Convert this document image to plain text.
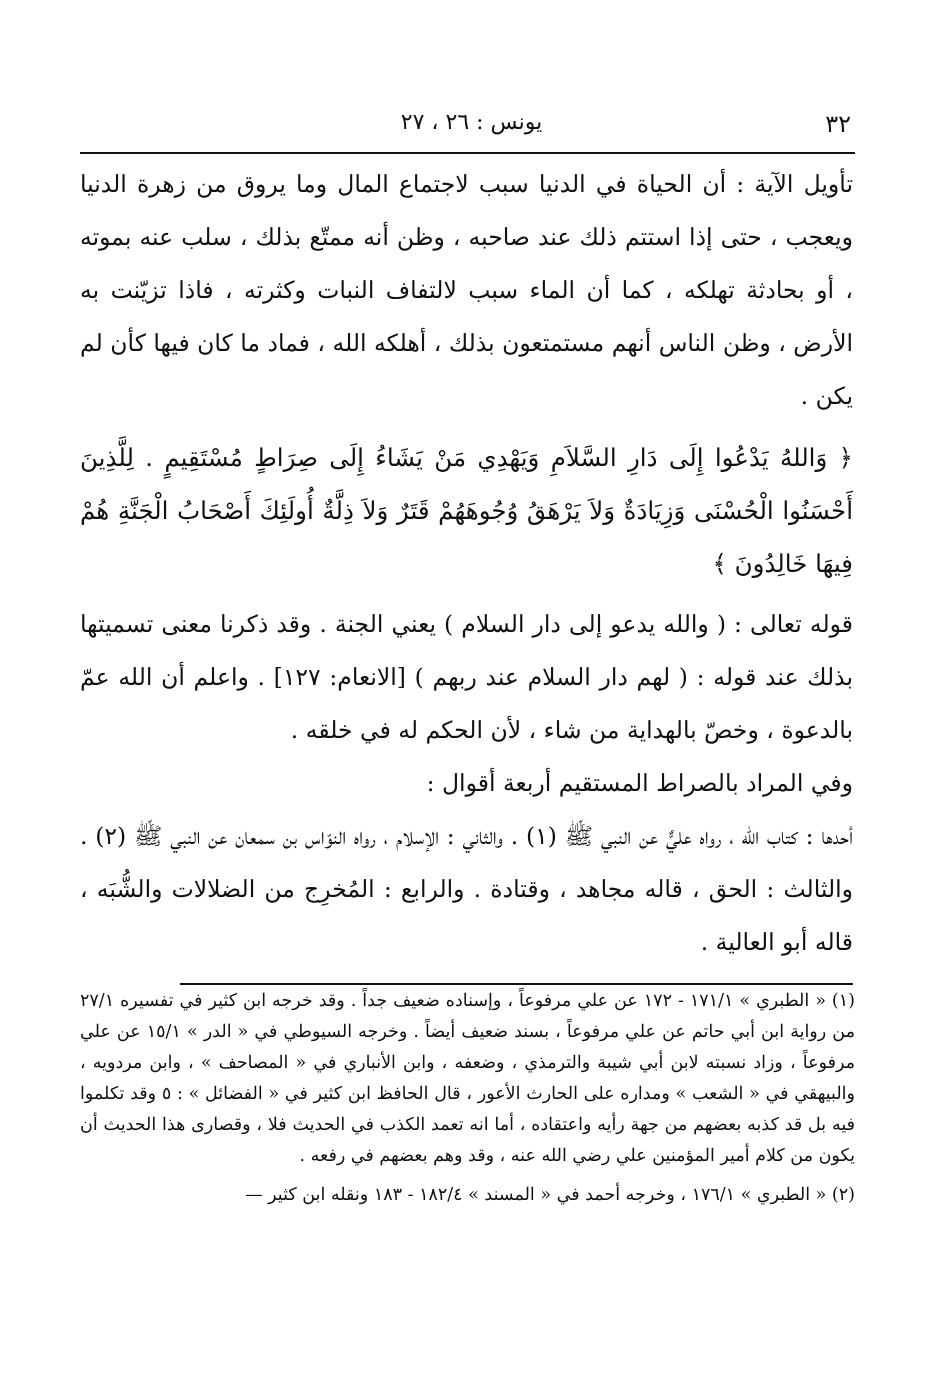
٣٢
يونس : ٢٦ ، ٢٧

تأويل الآية : أن الحياة في الدنيا سبب لاجتماع المال وما يروق من زهرة الدنيا ويعجب ، حتى إذا استتم ذلك عند صاحبه ، وظن أنه ممتّع بذلك ، سلب عنه بموته ، أو بحادثة تهلكه ، كما أن الماء سبب لالتفاف النبات وكثرته ، فاذا تزيّنت به الأرض ، وظن الناس أنهم مستمتعون بذلك ، أهلكه الله ، فماد ما كان فيها كأن لم يكن .

﴿ وَاللهُ يَدْعُوا إِلَى دَارِ السَّلاَمِ وَيَهْدِي مَنْ يَشَاءُ إِلَى صِرَاطٍ مُسْتَقِيمٍ . لِلَّذِينَ أَحْسَنُوا الْحُسْنَى وَزِيَادَةٌ وَلاَ يَرْهَقُ وُجُوهَهُمْ قَتَرٌ وَلاَ ذِلَّةٌ أُولَئِكَ أَصْحَابُ الْجَنَّةِ هُمْ فِيهَا خَالِدُونَ ﴾

قوله تعالى : ( والله يدعو إلى دار السلام ) يعني الجنة . وقد ذكرنا معنى تسميتها بذلك عند قوله : ( لهم دار السلام عند ربهم ) [الانعام: ١٢٧] . واعلم أن الله عمّ بالدعوة ، وخصّ بالهداية من شاء ، لأن الحكم له في خلقه .

وفي المراد بالصراط المستقيم أربعة أقوال :

أحدها : كتاب الله ، رواه عليٌّ عن النبي ﷺ (١) . والثاني : الإسلام ، رواه النوّاس بن سمعان عن النبي ﷺ (٢) . والثالث : الحق ، قاله مجاهد ، وقتادة . والرابع : المُخرِج من الضلالات والشُّبَه ، قاله أبو العالية .

(١) « الطبري » ١٧١/١ - ١٧٢ عن علي مرفوعاً ، وإسناده ضعيف جداً . وقد خرجه ابن كثير في تفسيره ٢٧/١ من رواية ابن أبي حاتم عن علي مرفوعاً ، بسند ضعيف أيضاً . وخرجه السيوطي في « الدر » ١٥/١ عن علي مرفوعاً ، وزاد نسبته لابن أبي شيبة والترمذي ، وضعفه ، وابن الأنباري في « المصاحف » ، وابن مردويه ، والبيهقي في « الشعب » ومداره على الحارث الأعور ، قال الحافظ ابن كثير في « الفضائل » : ٥ وقد تكلموا فيه بل قد كذبه بعضهم من جهة رأيه واعتقاده ، أما انه تعمد الكذب في الحديث فلا ، وقصارى هذا الحديث أن يكون من كلام أمير المؤمنين علي رضي الله عنه ، وقد وهم بعضهم في رفعه .

(٢) « الطبري » ١٧٦/١ ، وخرجه أحمد في « المسند » ١٨٢/٤ - ١٨٣ ونقله ابن كثير —
